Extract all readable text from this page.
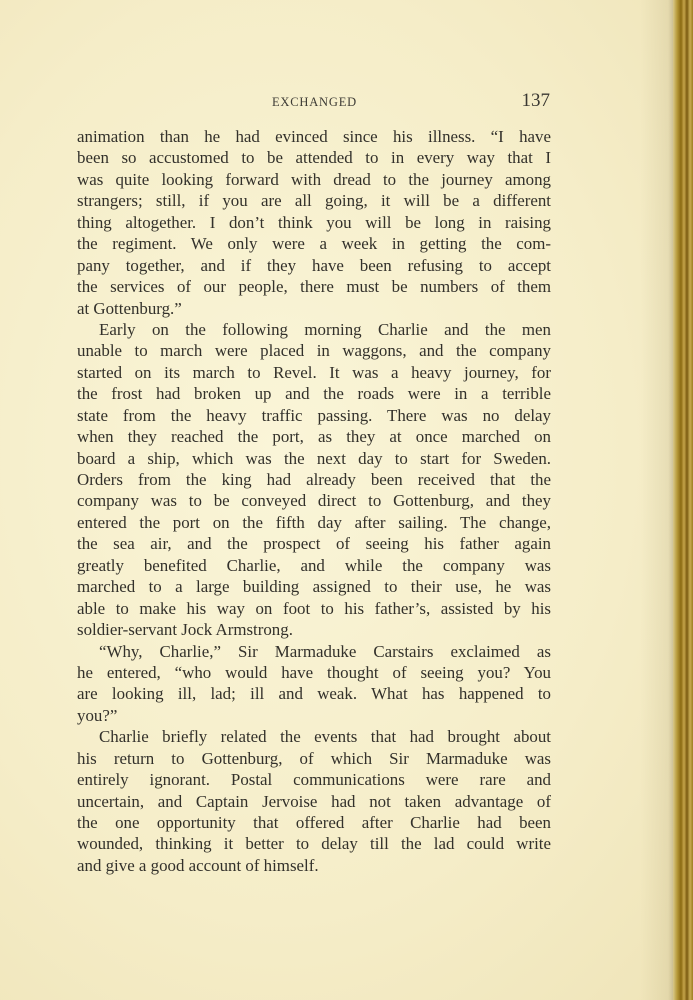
EXCHANGED	137
animation than he had evinced since his illness. “I have
been so accustomed to be attended to in every way that I
was quite looking forward with dread to the journey among
strangers; still, if you are all going, it will be a different
thing altogether. I don’t think you will be long in raising
the regiment. We only were a week in getting the com-
pany together, and if they have been refusing to accept
the services of our people, there must be numbers of them
at Gottenburg.”
Early on the following morning Charlie and the men
unable to march were placed in waggons, and the company
started on its march to Revel. It was a heavy journey, for
the frost had broken up and the roads were in a terrible
state from the heavy traffic passing. There was no delay
when they reached the port, as they at once marched on
board a ship, which was the next day to start for Sweden.
Orders from the king had already been received that the
company was to be conveyed direct to Gottenburg, and they
entered the port on the fifth day after sailing. The change,
the sea air, and the prospect of seeing his father again
greatly benefited Charlie, and while the company was
marched to a large building assigned to their use, he was
able to make his way on foot to his father’s, assisted by his
soldier-servant Jock Armstrong.
“Why, Charlie,” Sir Marmaduke Carstairs exclaimed as
he entered, “who would have thought of seeing you? You
are looking ill, lad; ill and weak. What has happened to
you?”
Charlie briefly related the events that had brought about
his return to Gottenburg, of which Sir Marmaduke was
entirely ignorant. Postal communications were rare and
uncertain, and Captain Jervoise had not taken advantage of
the one opportunity that offered after Charlie had been
wounded, thinking it better to delay till the lad could write
and give a good account of himself.
